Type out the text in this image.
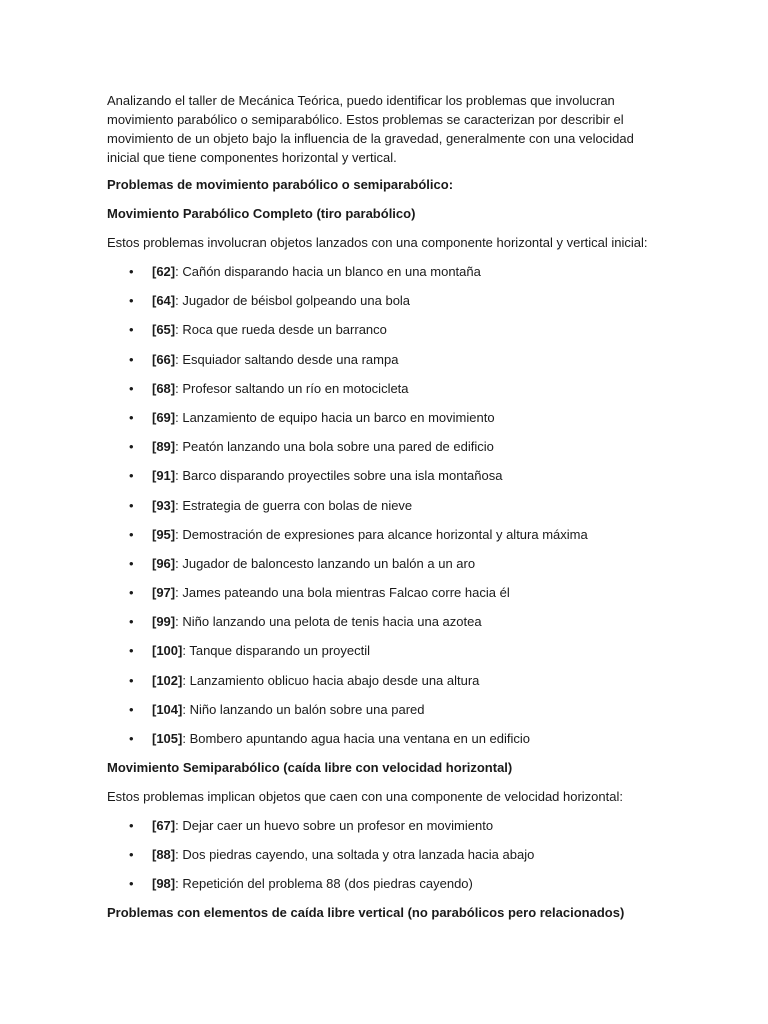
Analizando el taller de Mecánica Teórica, puedo identificar los problemas que involucran movimiento parabólico o semiparabólico. Estos problemas se caracterizan por describir el movimiento de un objeto bajo la influencia de la gravedad, generalmente con una velocidad inicial que tiene componentes horizontal y vertical.

Problemas de movimiento parabólico o semiparabólico:

Movimiento Parabólico Completo (tiro parabólico)

Estos problemas involucran objetos lanzados con una componente horizontal y vertical inicial:

• [62]: Cañón disparando hacia un blanco en una montaña
• [64]: Jugador de béisbol golpeando una bola
• [65]: Roca que rueda desde un barranco
• [66]: Esquiador saltando desde una rampa
• [68]: Profesor saltando un río en motocicleta
• [69]: Lanzamiento de equipo hacia un barco en movimiento
• [89]: Peatón lanzando una bola sobre una pared de edificio
• [91]: Barco disparando proyectiles sobre una isla montañosa
• [93]: Estrategia de guerra con bolas de nieve
• [95]: Demostración de expresiones para alcance horizontal y altura máxima
• [96]: Jugador de baloncesto lanzando un balón a un aro
• [97]: James pateando una bola mientras Falcao corre hacia él
• [99]: Niño lanzando una pelota de tenis hacia una azotea
• [100]: Tanque disparando un proyectil
• [102]: Lanzamiento oblicuo hacia abajo desde una altura
• [104]: Niño lanzando un balón sobre una pared
• [105]: Bombero apuntando agua hacia una ventana en un edificio

Movimiento Semiparabólico (caída libre con velocidad horizontal)

Estos problemas implican objetos que caen con una componente de velocidad horizontal:

• [67]: Dejar caer un huevo sobre un profesor en movimiento
• [88]: Dos piedras cayendo, una soltada y otra lanzada hacia abajo
• [98]: Repetición del problema 88 (dos piedras cayendo)

Problemas con elementos de caída libre vertical (no parabólicos pero relacionados)
